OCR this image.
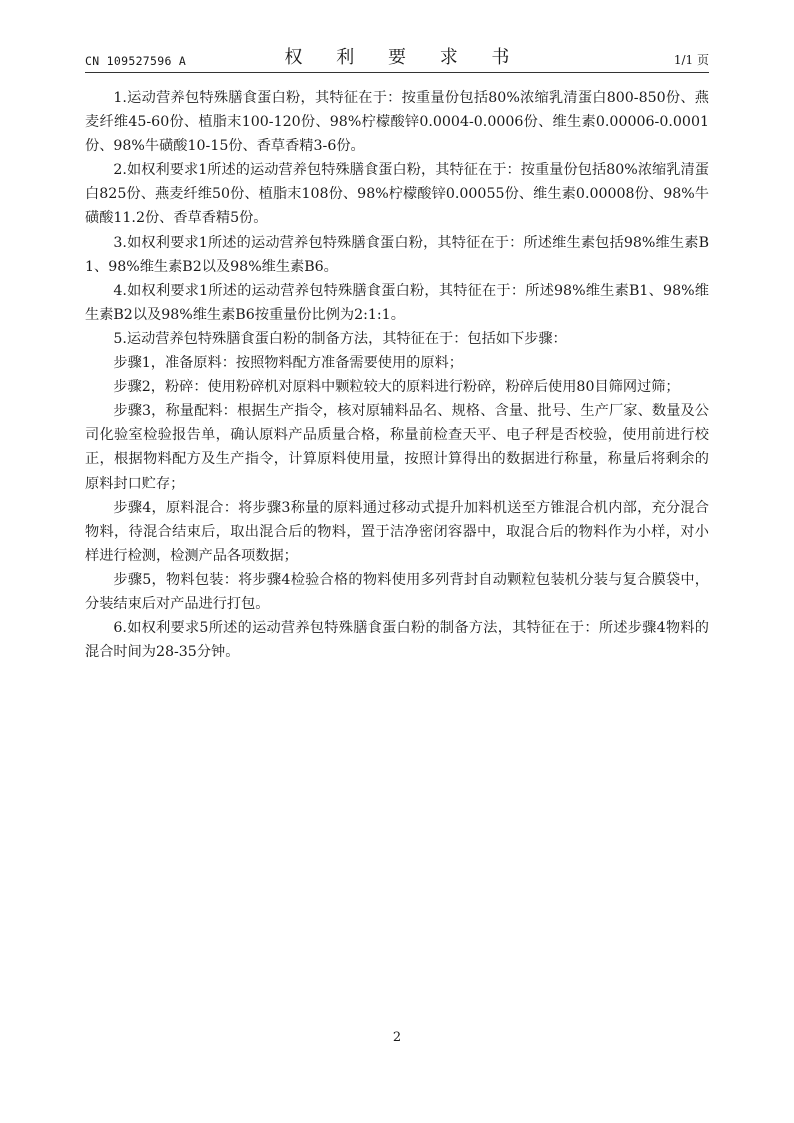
CN 109527596 A	权 利 要 求 书	1/1 页

1.运动营养包特殊膳食蛋白粉，其特征在于：按重量份包括80%浓缩乳清蛋白800-850份、燕麦纤维45-60份、植脂末100-120份、98%柠檬酸锌0.0004-0.0006份、维生素0.00006-0.0001份、98%牛磺酸10-15份、香草香精3-6份。

2.如权利要求1所述的运动营养包特殊膳食蛋白粉，其特征在于：按重量份包括80%浓缩乳清蛋白825份、燕麦纤维50份、植脂末108份、98%柠檬酸锌0.00055份、维生素0.00008份、98%牛磺酸11.2份、香草香精5份。

3.如权利要求1所述的运动营养包特殊膳食蛋白粉，其特征在于：所述维生素包括98%维生素B1、98%维生素B2以及98%维生素B6。

4.如权利要求1所述的运动营养包特殊膳食蛋白粉，其特征在于：所述98%维生素B1、98%维生素B2以及98%维生素B6按重量份比例为2:1:1。

5.运动营养包特殊膳食蛋白粉的制备方法，其特征在于：包括如下步骤：

步骤1，准备原料：按照物料配方准备需要使用的原料；

步骤2，粉碎：使用粉碎机对原料中颗粒较大的原料进行粉碎，粉碎后使用80目筛网过筛；

步骤3，称量配料：根据生产指令，核对原辅料品名、规格、含量、批号、生产厂家、数量及公司化验室检验报告单，确认原料产品质量合格，称量前检查天平、电子秤是否校验，使用前进行校正，根据物料配方及生产指令，计算原料使用量，按照计算得出的数据进行称量，称量后将剩余的原料封口贮存；

步骤4，原料混合：将步骤3称量的原料通过移动式提升加料机送至方锥混合机内部，充分混合物料，待混合结束后，取出混合后的物料，置于洁净密闭容器中，取混合后的物料作为小样，对小样进行检测，检测产品各项数据；

步骤5，物料包装：将步骤4检验合格的物料使用多列背封自动颗粒包装机分装与复合膜袋中，分装结束后对产品进行打包。

6.如权利要求5所述的运动营养包特殊膳食蛋白粉的制备方法，其特征在于：所述步骤4物料的混合时间为28-35分钟。

2
